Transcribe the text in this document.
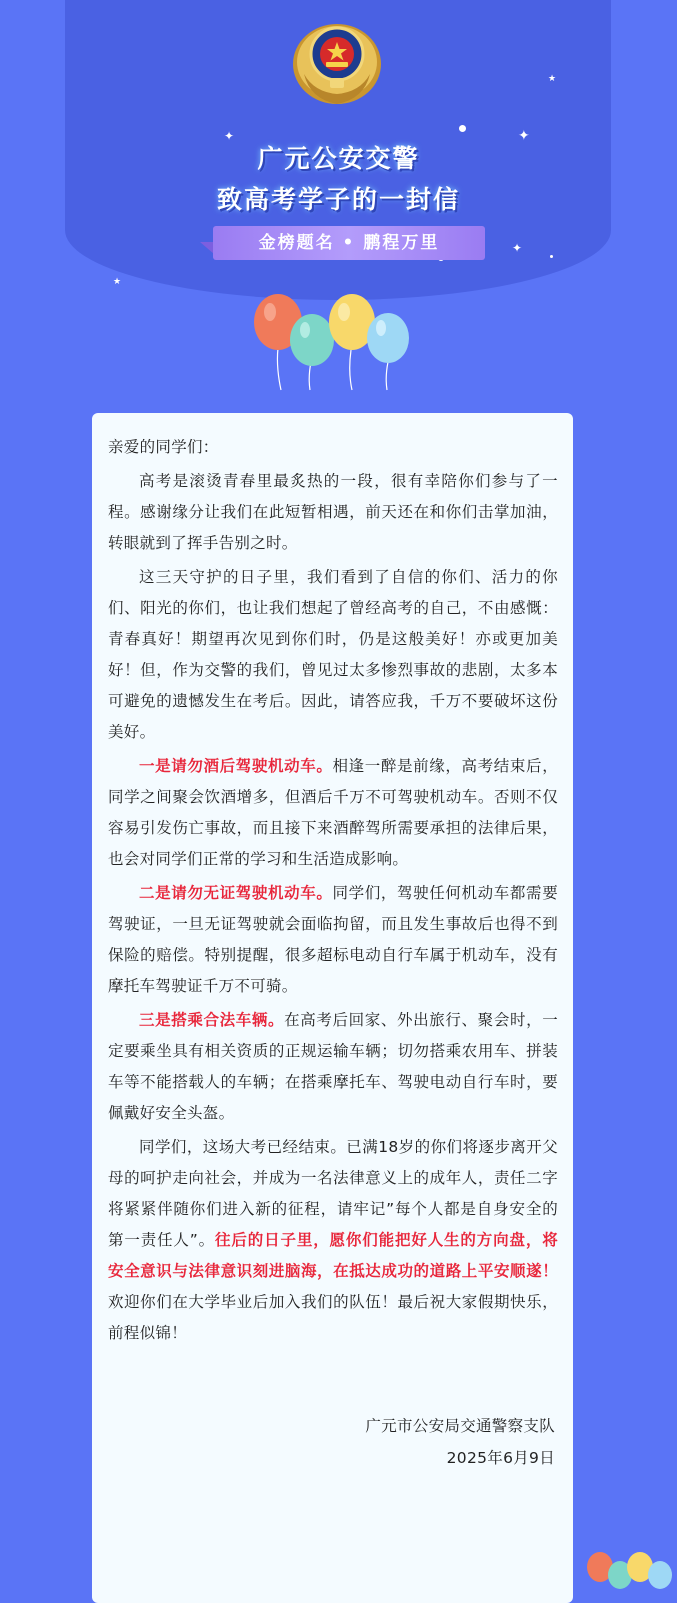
✦	✦
★
✦
★
广元公安交警
致高考学子的一封信
金榜题名 • 鹏程万里

亲爱的同学们：

高考是滚烫青春里最炙热的一段，很有幸陪你们参与了一程。感谢缘分让我们在此短暂相遇，前天还在和你们击掌加油，转眼就到了挥手告别之时。

这三天守护的日子里，我们看到了自信的你们、活力的你们、阳光的你们，也让我们想起了曾经高考的自己，不由感慨：青春真好！期望再次见到你们时，仍是这般美好！亦或更加美好！但，作为交警的我们，曾见过太多惨烈事故的悲剧，太多本可避免的遗憾发生在考后。因此，请答应我，千万不要破坏这份美好。

一是请勿酒后驾驶机动车。相逢一醉是前缘，高考结束后，同学之间聚会饮酒增多，但酒后千万不可驾驶机动车。否则不仅容易引发伤亡事故，而且接下来酒醉驾所需要承担的法律后果，也会对同学们正常的学习和生活造成影响。

二是请勿无证驾驶机动车。同学们，驾驶任何机动车都需要驾驶证，一旦无证驾驶就会面临拘留，而且发生事故后也得不到保险的赔偿。特别提醒，很多超标电动自行车属于机动车，没有摩托车驾驶证千万不可骑。

三是搭乘合法车辆。在高考后回家、外出旅行、聚会时，一定要乘坐具有相关资质的正规运输车辆；切勿搭乘农用车、拼装车等不能搭载人的车辆；在搭乘摩托车、驾驶电动自行车时，要佩戴好安全头盔。

同学们，这场大考已经结束。已满18岁的你们将逐步离开父母的呵护走向社会，并成为一名法律意义上的成年人，责任二字将紧紧伴随你们进入新的征程，请牢记”每个人都是自身安全的第一责任人”。往后的日子里，愿你们能把好人生的方向盘，将安全意识与法律意识刻进脑海，在抵达成功的道路上平安顺遂！欢迎你们在大学毕业后加入我们的队伍！最后祝大家假期快乐，前程似锦！

广元市公安局交通警察支队
2025年6月9日
